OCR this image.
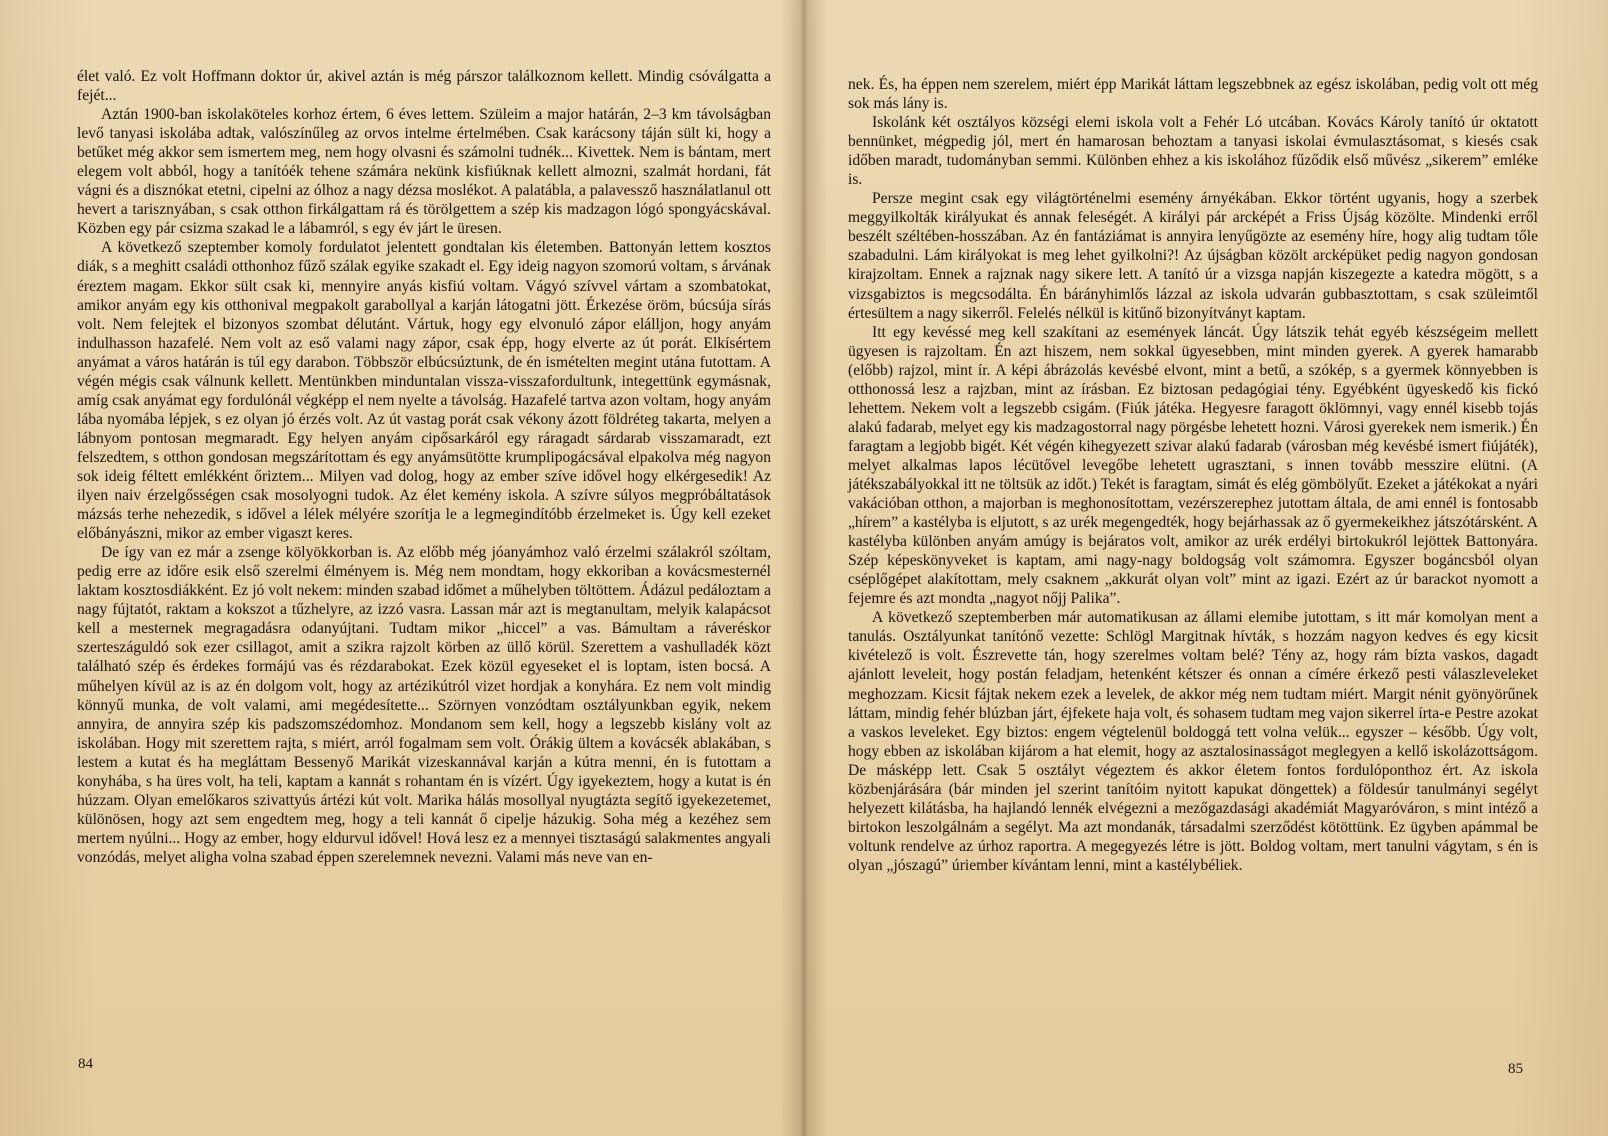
élet való. Ez volt Hoffmann doktor úr, akivel aztán is még párszor találkoznom kellett. Mindig csóválgatta a fejét...

Aztán 1900-ban iskolaköteles korhoz értem, 6 éves lettem. Szüleim a major határán, 2–3 km távolságban levő tanyasi iskolába adtak, valószínűleg az orvos intelme értelmében. Csak karácsony táján sült ki, hogy a betűket még akkor sem ismertem meg, nem hogy olvasni és számolni tudnék... Kivettek. Nem is bántam, mert elegem volt abból, hogy a tanítóék tehene számára nekünk kisfiúknak kellett almozni, szalmát hordani, fát vágni és a disznókat etetni, cipelni az ólhoz a nagy dézsa moslékot. A palatábla, a palavessző használatlanul ott hevert a tarisznyában, s csak otthon firkálgattam rá és törölgettem a szép kis madzagon lógó spongyácskával. Közben egy pár csizma szakad le a lábamról, s egy év járt le üresen.

A következő szeptember komoly fordulatot jelentett gondtalan kis életemben. Battonyán lettem kosztos diák, s a meghitt családi otthonhoz fűző szálak egyike szakadt el. Egy ideig nagyon szomorú voltam, s árvának éreztem magam. Ekkor sült csak ki, mennyire anyás kisfiú voltam. Vágyó szívvel vártam a szombatokat, amikor anyám egy kis otthonival megpakolt garabollyal a karján látogatni jött. Érkezése öröm, búcsúja sírás volt. Nem felejtek el bizonyos szombat délutánt. Vártuk, hogy egy elvonuló zápor elálljon, hogy anyám indulhasson hazafelé. Nem volt az eső valami nagy zápor, csak épp, hogy elverte az út porát. Elkísértem anyámat a város határán is túl egy darabon. Többször elbúcsúztunk, de én ismételten megint utána futottam. A végén mégis csak válnunk kellett. Mentünkben minduntalan vissza-visszafordultunk, integettünk egymásnak, amíg csak anyámat egy fordulónál végképp el nem nyelte a távolság. Hazafelé tartva azon voltam, hogy anyám lába nyomába lépjek, s ez olyan jó érzés volt. Az út vastag porát csak vékony ázott földréteg takarta, melyen a lábnyom pontosan megmaradt. Egy helyen anyám cipősarkáról egy ráragadt sárdarab visszamaradt, ezt felszedtem, s otthon gondosan megszárítottam és egy anyámsütötte krumplipogácsával elpakolva még nagyon sok ideig féltett emlékként őriztem... Milyen vad dolog, hogy az ember szíve idővel hogy elkérgesedik! Az ilyen naiv érzelgősségen csak mosolyogni tudok. Az élet kemény iskola. A szívre súlyos megpróbáltatások mázsás terhe nehezedik, s idővel a lélek mélyére szorítja le a legmegindítóbb érzelmeket is. Úgy kell ezeket előbányászni, mikor az ember vigaszt keres.

De így van ez már a zsenge kölyökkorban is. Az előbb még jóanyámhoz való érzelmi szálakról szóltam, pedig erre az időre esik első szerelmi élményem is. Még nem mondtam, hogy ekkoriban a kovácsmesternél laktam kosztosdiákként. Ez jó volt nekem: minden szabad időmet a műhelyben töltöttem. Ádázul pedáloztam a nagy fújtatót, raktam a kokszot a tűzhelyre, az izzó vasra. Lassan már azt is megtanultam, melyik kalapácsot kell a mesternek megragadásra odanyújtani. Tudtam mikor „hiccel” a vas. Bámultam a ráveréskor szerteszáguldó sok ezer csillagot, amit a szikra rajzolt körben az üllő körül. Szerettem a vashulladék közt található szép és érdekes formájú vas és rézdarabokat. Ezek közül egyeseket el is loptam, isten bocsá. A műhelyen kívül az is az én dolgom volt, hogy az artézikútról vizet hordjak a konyhára. Ez nem volt mindig könnyű munka, de volt valami, ami megédesítette... Szörnyen vonzódtam osztályunkban egyik, nekem annyira, de annyira szép kis padszomszédomhoz. Mondanom sem kell, hogy a legszebb kislány volt az iskolában. Hogy mit szerettem rajta, s miért, arról fogalmam sem volt. Órákig ültem a kovácsék ablakában, s lestem a kutat és ha megláttam Bessenyő Marikát vizeskannával karján a kútra menni, én is futottam a konyhába, s ha üres volt, ha teli, kaptam a kannát s rohantam én is vízért. Úgy igyekeztem, hogy a kutat is én húzzam. Olyan emelőkaros szivattyús ártézi kút volt. Marika hálás mosollyal nyugtázta segítő igyekezetemet, különösen, hogy azt sem engedtem meg, hogy a teli kannát ő cipelje házukig. Soha még a kezéhez sem mertem nyúlni... Hogy az ember, hogy eldurvul idővel! Hová lesz ez a mennyei tisztaságú salakmentes angyali vonzódás, melyet aligha volna szabad éppen szerelemnek nevezni. Valami más neve van en-

84

nek. És, ha éppen nem szerelem, miért épp Marikát láttam legszebbnek az egész iskolában, pedig volt ott még sok más lány is.

Iskolánk két osztályos községi elemi iskola volt a Fehér Ló utcában. Kovács Károly tanító úr oktatott bennünket, mégpedig jól, mert én hamarosan behoztam a tanyasi iskolai évmulasztásomat, s kiesés csak időben maradt, tudományban semmi. Különben ehhez a kis iskolához fűződik első művész „sikerem” emléke is.

Persze megint csak egy világtörténelmi esemény árnyékában. Ekkor történt ugyanis, hogy a szerbek meggyilkolták királyukat és annak feleségét. A királyi pár arcképét a Friss Újság közölte. Mindenki erről beszélt széltében-hosszában. Az én fantáziámat is annyira lenyűgözte az esemény híre, hogy alig tudtam tőle szabadulni. Lám királyokat is meg lehet gyilkolni?! Az újságban közölt arcképüket pedig nagyon gondosan kirajzoltam. Ennek a rajznak nagy sikere lett. A tanító úr a vizsga napján kiszegezte a katedra mögött, s a vizsgabiztos is megcsodálta. Én bárányhimlős lázzal az iskola udvarán gubbasztottam, s csak szüleimtől értesültem a nagy sikerről. Felelés nélkül is kitűnő bizonyítványt kaptam.

Itt egy kevéssé meg kell szakítani az események láncát. Úgy látszik tehát egyéb készségeim mellett ügyesen is rajzoltam. Én azt hiszem, nem sokkal ügyesebben, mint minden gyerek. A gyerek hamarabb (előbb) rajzol, mint ír. A képi ábrázolás kevésbé elvont, mint a betű, a szókép, s a gyermek könnyebben is otthonossá lesz a rajzban, mint az írásban. Ez biztosan pedagógiai tény. Egyébként ügyeskedő kis fickó lehettem. Nekem volt a legszebb csigám. (Fiúk játéka. Hegyesre faragott öklömnyi, vagy ennél kisebb tojás alakú fadarab, melyet egy kis madzagostorral nagy pörgésbe lehetett hozni. Városi gyerekek nem ismerik.) Én faragtam a legjobb bigét. Két végén kihegyezett szivar alakú fadarab (városban még kevésbé ismert fiújáték), melyet alkalmas lapos lécütővel levegőbe lehetett ugrasztani, s innen tovább messzire elütni. (A játékszabályokkal itt ne töltsük az időt.) Tekét is faragtam, simát és elég gömbölyűt. Ezeket a játékokat a nyári vakációban otthon, a majorban is meghonosítottam, vezérszerephez jutottam általa, de ami ennél is fontosabb „hírem” a kastélyba is eljutott, s az urék megengedték, hogy bejárhassak az ő gyermekeikhez játszótársként. A kastélyba különben anyám amúgy is bejáratos volt, amikor az urék erdélyi birtokukról lejöttek Battonyára. Szép képeskönyveket is kaptam, ami nagy-nagy boldogság volt számomra. Egyszer bogáncsból olyan cséplőgépet alakítottam, mely csaknem „akkurát olyan volt” mint az igazi. Ezért az úr barackot nyomott a fejemre és azt mondta „nagyot nőjj Palika”.

A következő szeptemberben már automatikusan az állami elemibe jutottam, s itt már komolyan ment a tanulás. Osztályunkat tanítónő vezette: Schlögl Margitnak hívták, s hozzám nagyon kedves és egy kicsit kivételező is volt. Észrevette tán, hogy szerelmes voltam belé? Tény az, hogy rám bízta vaskos, dagadt ajánlott leveleit, hogy postán feladjam, hetenként kétszer és onnan a címére érkező pesti válaszleveleket meghozzam. Kicsit fájtak nekem ezek a levelek, de akkor még nem tudtam miért. Margit nénit gyönyörűnek láttam, mindig fehér blúzban járt, éjfekete haja volt, és sohasem tudtam meg vajon sikerrel írta-e Pestre azokat a vaskos leveleket. Egy biztos: engem végtelenül boldoggá tett volna velük... egyszer – később. Úgy volt, hogy ebben az iskolában kijárom a hat elemit, hogy az asztalosinasságot meglegyen a kellő iskolázottságom. De másképp lett. Csak 5 osztályt végeztem és akkor életem fontos fordulóponthoz ért. Az iskola közbenjárására (bár minden jel szerint tanítóim nyitott kapukat döngettek) a földesúr tanulmányi segélyt helyezett kilátásba, ha hajlandó lennék elvégezni a mezőgazdasági akadémiát Magyaróváron, s mint intéző a birtokon leszolgálnám a segélyt. Ma azt mondanák, társadalmi szerződést kötöttünk. Ez ügyben apámmal be voltunk rendelve az úrhoz raportra. A megegyezés létre is jött. Boldog voltam, mert tanulni vágytam, s én is olyan „jószagú” úriember kívántam lenni, mint a kastélybéliek.

85
